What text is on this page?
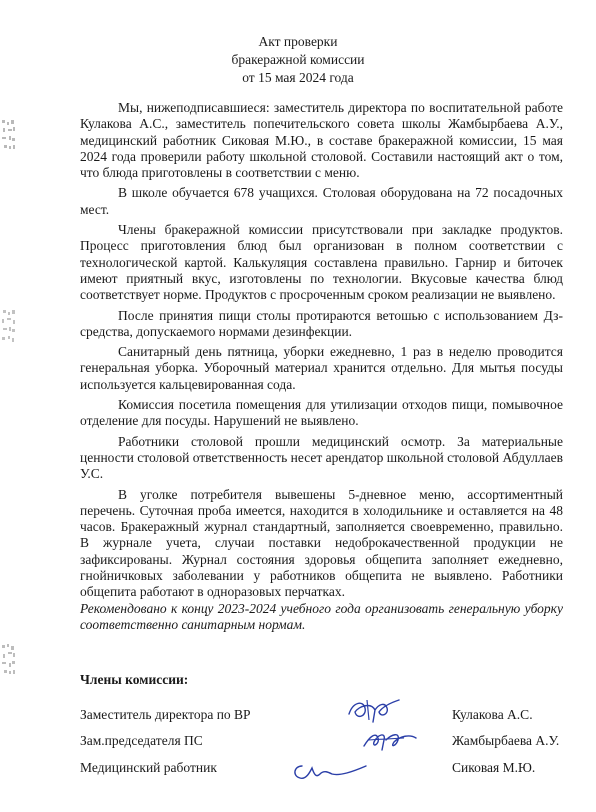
Акт проверки
бракеражной комиссии
от 15 мая 2024 года

Мы, нижеподписавшиеся: заместитель директора по воспитательной работе Кулакова А.С., заместитель попечительского совета школы Жамбырбаева А.У., медицинский работник Сиковая М.Ю., в составе бракеражной комиссии, 15 мая 2024 года проверили работу школьной столовой. Составили настоящий акт о том, что блюда приготовлены в соответствии с меню.

В школе обучается 678 учащихся. Столовая оборудована на 72 посадочных мест.

Члены бракеражной комиссии присутствовали при закладке продуктов. Процесс приготовления блюд был организован в полном соответствии с технологической картой. Калькуляция составлена правильно. Гарнир и биточек имеют приятный вкус, изготовлены по технологии. Вкусовые качества блюд соответствует норме. Продуктов с просроченным сроком реализации не выявлено.

После принятия пищи столы протираются ветошью с использованием Дз-средства, допускаемого нормами дезинфекции.

Санитарный день пятница, уборки ежедневно, 1 раз в неделю проводится генеральная уборка. Уборочный материал хранится отдельно. Для мытья посуды используется кальцевированная сода.

Комиссия посетила помещения для утилизации отходов пищи, помывочное отделение для посуды. Нарушений не выявлено.

Работники столовой прошли медицинский осмотр. За материальные ценности столовой ответственность несет арендатор школьной столовой Абдуллаев У.С.

В уголке потребителя вывешены 5-дневное меню, ассортиментный перечень. Суточная проба имеется, находится в холодильнике и оставляется на 48 часов. Бракеражный журнал стандартный, заполняется своевременно, правильно. В журнале учета, случаи поставки недоброкачественной продукции не зафиксированы. Журнал состояния здоровья общепита заполняет ежедневно, гнойничковых заболевании у работников общепита не выявлено. Работники общепита работают в одноразовых перчатках.

Рекомендовано к концу 2023-2024 учебного года организовать генеральную уборку соответственно санитарным нормам.

Члены комиссии:
Заместитель директора по ВР	Кулакова А.С.
Зам.председателя ПС	Жамбырбаева А.У.
Медицинский работник	Сиковая М.Ю.
